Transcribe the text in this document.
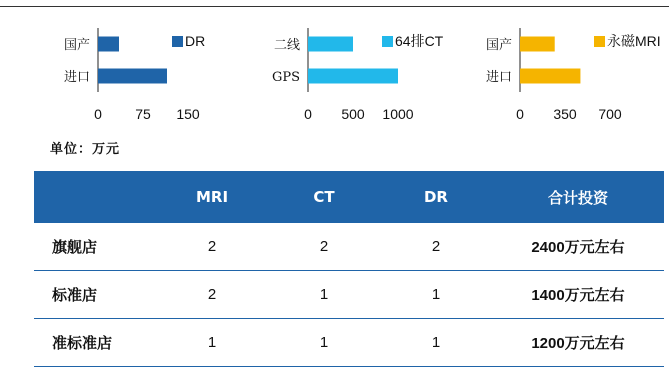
国产
进口
0 75 150
DR	二线
GPS
0 500 1000
64排CT	国产
进口
0 350 700
永磁MRI
单位：万元
	MRI	CT	DR	合计投资
旗舰店	2	2	2	2400万元左右
标准店	2	1	1	1400万元左右
准标准店	1	1	1	1200万元左右
